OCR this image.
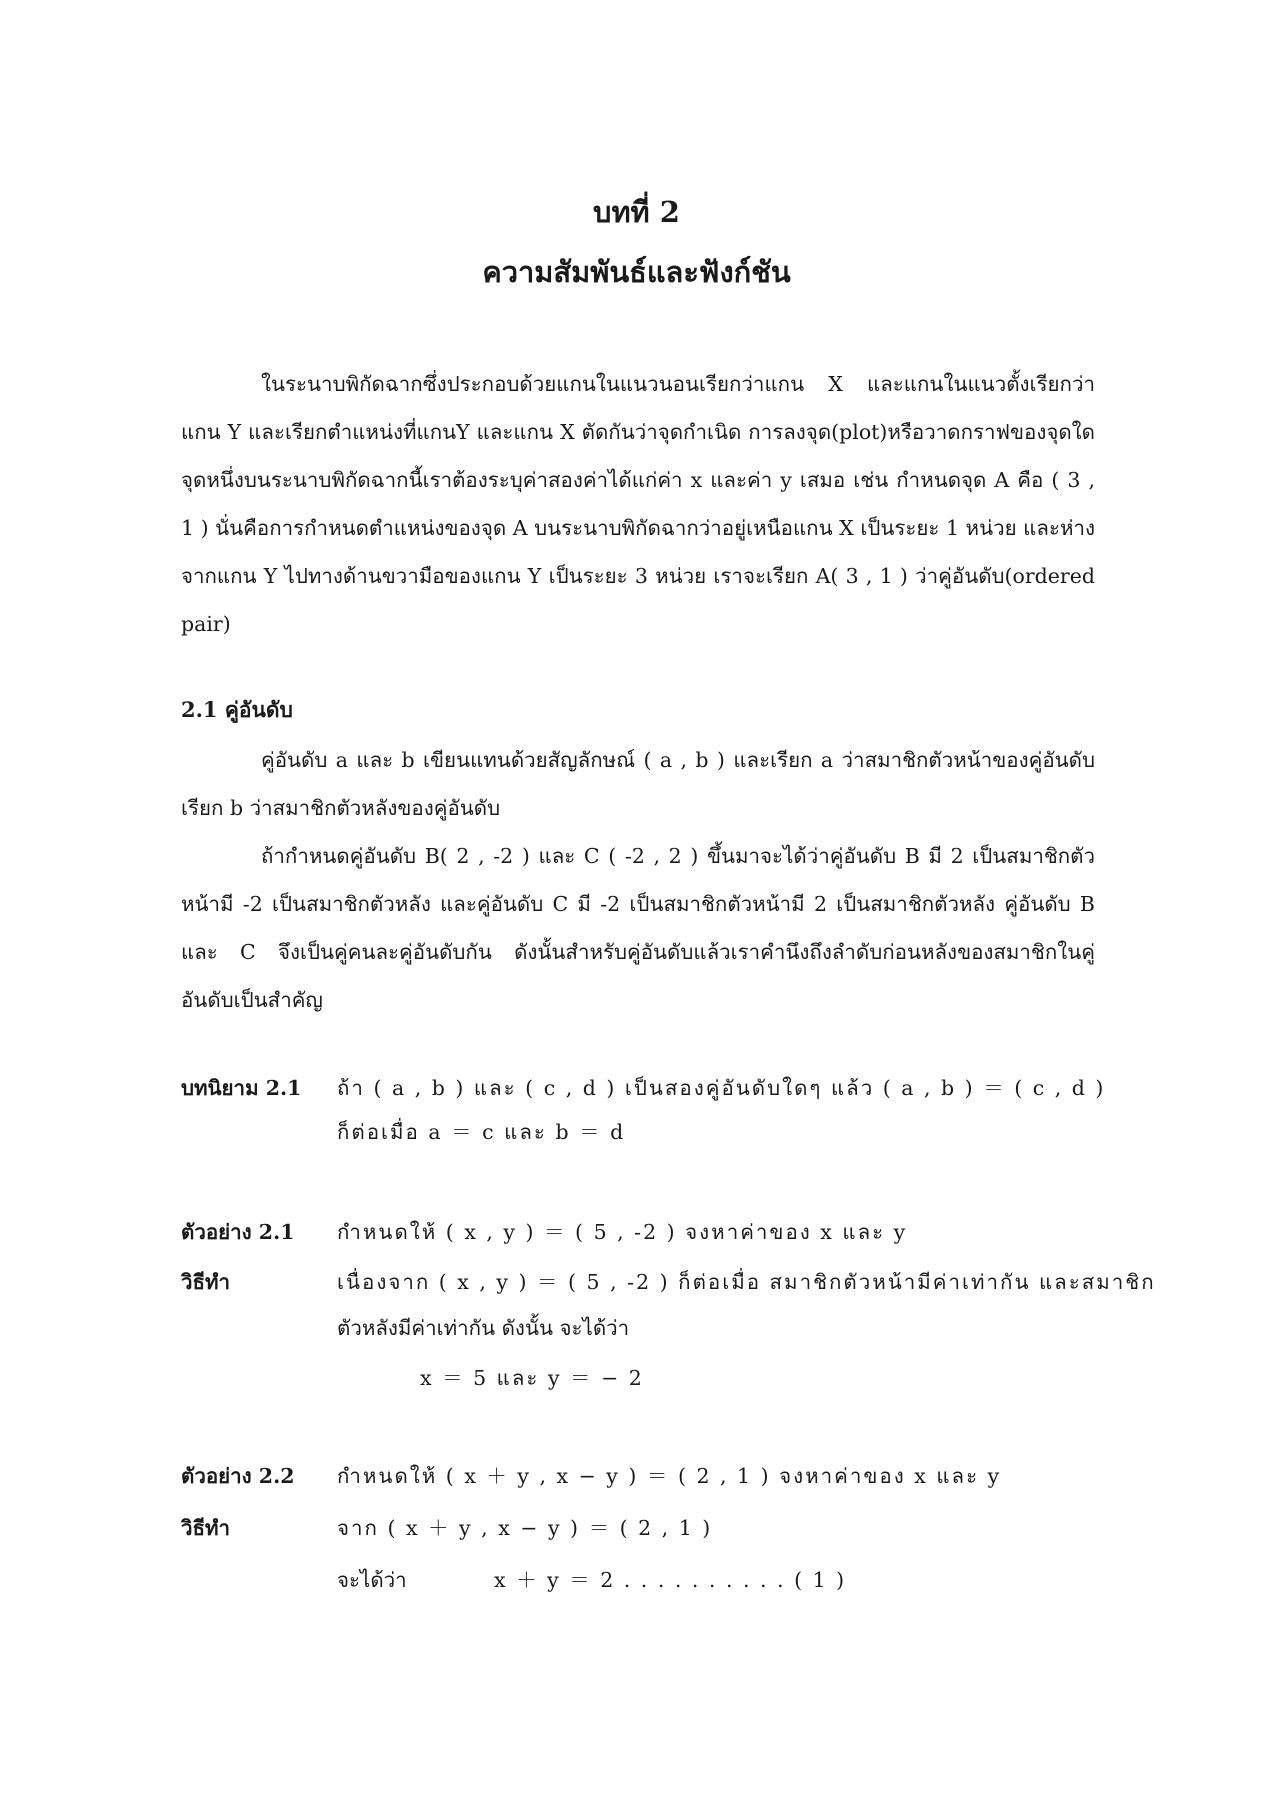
บทที่ 2
ความสัมพันธ์และฟังก์ชัน

ในระนาบพิกัดฉากซึ่งประกอบด้วยแกนในแนวนอนเรียกว่าแกน X และแกนในแนวตั้งเรียกว่าแกน Y และเรียกตำแหน่งที่แกนY และแกน X ตัดกันว่าจุดกำเนิด การลงจุด(plot)หรือวาดกราฟของจุดใดจุดหนึ่งบนระนาบพิกัดฉากนี้เราต้องระบุค่าสองค่าได้แก่ค่า x และค่า y เสมอ เช่น กำหนดจุด A คือ ( 3 , 1 ) นั่นคือการกำหนดตำแหน่งของจุด A บนระนาบพิกัดฉากว่าอยู่เหนือแกน X เป็นระยะ 1 หน่วย และห่างจากแกน Y ไปทางด้านขวามือของแกน Y เป็นระยะ 3 หน่วย เราจะเรียก A( 3 , 1 ) ว่าคู่อันดับ(ordered pair)

2.1 คู่อันดับ

คู่อันดับ a และ b เขียนแทนด้วยสัญลักษณ์ ( a , b ) และเรียก a ว่าสมาชิกตัวหน้าของคู่อันดับ เรียก b ว่าสมาชิกตัวหลังของคู่อันดับ

ถ้ากำหนดคู่อันดับ B( 2 , -2 ) และ C ( -2 , 2 ) ขึ้นมาจะได้ว่าคู่อันดับ B มี 2 เป็นสมาชิกตัวหน้ามี -2 เป็นสมาชิกตัวหลัง และคู่อันดับ C มี -2 เป็นสมาชิกตัวหน้ามี 2 เป็นสมาชิกตัวหลัง คู่อันดับ B และ C จึงเป็นคู่คนละคู่อันดับกัน ดังนั้นสำหรับคู่อันดับแล้วเราคำนึงถึงลำดับก่อนหลังของสมาชิกในคู่อันดับเป็นสำคัญ

บทนิยาม 2.1 ถ้า ( a , b ) และ ( c , d ) เป็นสองคู่อันดับใดๆ แล้ว ( a , b ) ＝ ( c , d )
ก็ต่อเมื่อ a ＝ c และ b ＝ d
ตัวอย่าง 2.1 กำหนดให้ ( x , y ) ＝ ( 5 , -2 ) จงหาค่าของ x และ y
วิธีทำ	เนื่องจาก ( x , y ) ＝ ( 5 , -2 ) ก็ต่อเมื่อ สมาชิกตัวหน้ามีค่าเท่ากัน และสมาชิก
ตัวหลังมีค่าเท่ากัน ดังนั้น จะได้ว่า
x ＝ 5 และ y ＝ − 2
ตัวอย่าง 2.2 กำหนดให้ ( x ＋ y , x − y ) ＝ ( 2 , 1 ) จงหาค่าของ x และ y
วิธีทำ	จาก ( x ＋ y , x − y ) ＝ ( 2 , 1 )
จะได้ว่า	x ＋ y ＝ 2 . . . . . . . . . . ( 1 )
